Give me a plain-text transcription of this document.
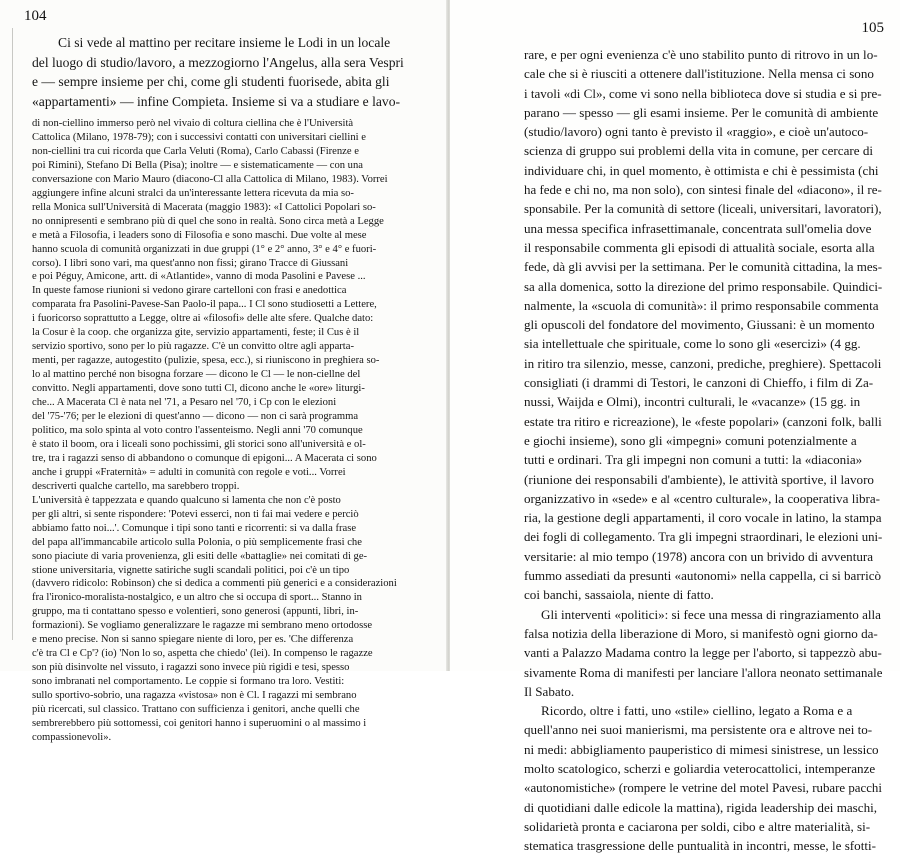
104
Ci si vede al mattino per recitare insieme le Lodi in un locale
del luogo di studio/lavoro, a mezzogiorno l'Angelus, alla sera Vespri
e — sempre insieme per chi, come gli studenti fuorisede, abita gli
«appartamenti» — infine Compieta. Insieme si va a studiare e lavo-
di non-ciellino immerso però nel vivaio di coltura ciellina che è l'Università
Cattolica (Milano, 1978-79); con i successivi contatti con universitari ciellini e
non-ciellini tra cui ricorda que Carla Veluti (Roma), Carlo Cabassi (Firenze e
poi Rimini), Stefano Di Bella (Pisa); inoltre — e sistematicamente — con una
conversazione con Mario Mauro (diacono-Cl alla Cattolica di Milano, 1983). Vorrei
aggiungere infine alcuni stralci da un'interessante lettera ricevuta da mia so-
rella Monica sull'Università di Macerata (maggio 1983): «I Cattolici Popolari so-
no onnipresenti e sembrano più di quel che sono in realtà. Sono circa metà a Legge
e metà a Filosofia, i leaders sono di Filosofia e sono maschi. Due volte al mese
hanno scuola di comunità organizzati in due gruppi (1° e 2° anno, 3° e 4° e fuori-
corso). I libri sono vari, ma quest'anno non fissi; girano Tracce di Giussani
e poi Péguy, Amicone, artt. di «Atlantide», vanno di moda Pasolini e Pavese ...
In queste famose riunioni si vedono girare cartelloni con frasi e anedottica
comparata fra Pasolini-Pavese-San Paolo-il papa... I Cl sono studiosetti a Lettere,
i fuoricorso soprattutto a Legge, oltre ai «filosofi» delle alte sfere. Qualche dato:
la Cosur è la coop. che organizza gite, servizio appartamenti, feste; il Cus è il
servizio sportivo, sono per lo più ragazze. C'è un convitto oltre agli apparta-
menti, per ragazze, autogestito (pulizie, spesa, ecc.), si riuniscono in preghiera so-
lo al mattino perché non bisogna forzare — dicono le Cl — le non-ciellne del
convitto. Negli appartamenti, dove sono tutti Cl, dicono anche le «ore» liturgi-
che... A Macerata Cl è nata nel '71, a Pesaro nel '70, i Cp con le elezioni
del '75-'76; per le elezioni di quest'anno — dicono — non ci sarà programma
politico, ma solo spinta al voto contro l'assenteismo. Negli anni '70 comunque
è stato il boom, ora i liceali sono pochissimi, gli storici sono all'università e ol-
tre, tra i ragazzi senso di abbandono o comunque di epigoni... A Macerata ci sono
anche i gruppi «Fraternità» = adulti in comunità con regole e voti... Vorrei
descriverti qualche cartello, ma sarebbero troppi.
L'università è tappezzata e quando qualcuno si lamenta che non c'è posto
per gli altri, si sente rispondere: 'Potevi esserci, non ti fai mai vedere e perciò
abbiamo fatto noi...'. Comunque i tipi sono tanti e ricorrenti: si va dalla frase
del papa all'immancabile articolo sulla Polonia, o più semplicemente frasi che
sono piaciute di varia provenienza, gli esiti delle «battaglie» nei comitati di ge-
stione universitaria, vignette satiriche sugli scandali politici, poi c'è un tipo
(davvero ridicolo: Robinson) che si dedica a commenti più generici e a considerazioni
fra l'ironico-moralista-nostalgico, e un altro che si occupa di sport... Stanno in
gruppo, ma ti contattano spesso e volentieri, sono generosi (appunti, libri, in-
formazioni). Se vogliamo generalizzare le ragazze mi sembrano meno ortodosse
e meno precise. Non si sanno spiegare niente di loro, per es. 'Che differenza
c'è tra Cl e Cp'? (io) 'Non lo so, aspetta che chiedo' (lei). In compenso le ragazze
son più disinvolte nel vissuto, i ragazzi sono invece più rigidi e tesi, spesso
sono imbranati nel comportamento. Le coppie si formano tra loro. Vestiti:
sullo sportivo-sobrio, una ragazza «vistosa» non è Cl. I ragazzi mi sembrano
più ricercati, sul classico. Trattano con sufficienza i genitori, anche quelli che
sembrerebbero più sottomessi, coi genitori hanno i superuomini o al massimo i
compassionevoli».
105
rare, e per ogni evenienza c'è uno stabilito punto di ritrovo in un lo-
cale che si è riusciti a ottenere dall'istituzione. Nella mensa ci sono
i tavoli «di Cl», come vi sono nella biblioteca dove si studia e si pre-
parano — spesso — gli esami insieme. Per le comunità di ambiente
(studio/lavoro) ogni tanto è previsto il «raggio», e cioè un'autoco-
scienza di gruppo sui problemi della vita in comune, per cercare di
individuare chi, in quel momento, è ottimista e chi è pessimista (chi
ha fede e chi no, ma non solo), con sintesi finale del «diacono», il re-
sponsabile. Per la comunità di settore (liceali, universitari, lavoratori),
una messa specifica infrasettimanale, concentrata sull'omelia dove
il responsabile commenta gli episodi di attualità sociale, esorta alla
fede, dà gli avvisi per la settimana. Per le comunità cittadina, la mes-
sa alla domenica, sotto la direzione del primo responsabile. Quindici-
nalmente, la «scuola di comunità»: il primo responsabile commenta
gli opuscoli del fondatore del movimento, Giussani: è un momento
sia intellettuale che spirituale, come lo sono gli «esercizi» (4 gg.
in ritiro tra silenzio, messe, canzoni, prediche, preghiere). Spettacoli
consigliati (i drammi di Testori, le canzoni di Chieffo, i film di Za-
nussi, Waijda e Olmi), incontri culturali, le «vacanze» (15 gg. in
estate tra ritiro e ricreazione), le «feste popolari» (canzoni folk, balli
e giochi insieme), sono gli «impegni» comuni potenzialmente a
tutti e ordinari. Tra gli impegni non comuni a tutti: la «diaconia»
(riunione dei responsabili d'ambiente), le attività sportive, il lavoro
organizzativo in «sede» e al «centro culturale», la cooperativa libra-
ria, la gestione degli appartamenti, il coro vocale in latino, la stampa
dei fogli di collegamento. Tra gli impegni straordinari, le elezioni uni-
versitarie: al mio tempo (1978) ancora con un brivido di avventura
fummo assediati da presunti «autonomi» nella cappella, ci si barricò
coi banchi, sassaiola, niente di fatto.
Gli interventi «politici»: si fece una messa di ringraziamento alla
falsa notizia della liberazione di Moro, si manifestò ogni giorno da-
vanti a Palazzo Madama contro la legge per l'aborto, si tappezzò abu-
sivamente Roma di manifesti per lanciare l'allora neonato settimanale
Il Sabato.
Ricordo, oltre i fatti, uno «stile» ciellino, legato a Roma e a
quell'anno nei suoi manierismi, ma persistente ora e altrove nei to-
ni medi: abbigliamento pauperistico di mimesi sinistrese, un lessico
molto scatologico, scherzi e goliardia veterocattolici, intemperanze
«autonomistiche» (rompere le vetrine del motel Pavesi, rubare pacchi
di quotidiani dalle edicole la mattina), rigida leadership dei maschi,
solidarietà pronta e caciarona per soldi, cibo e altre materialità, si-
stematica trasgressione delle puntualità in incontri, messe, le sfotti-
